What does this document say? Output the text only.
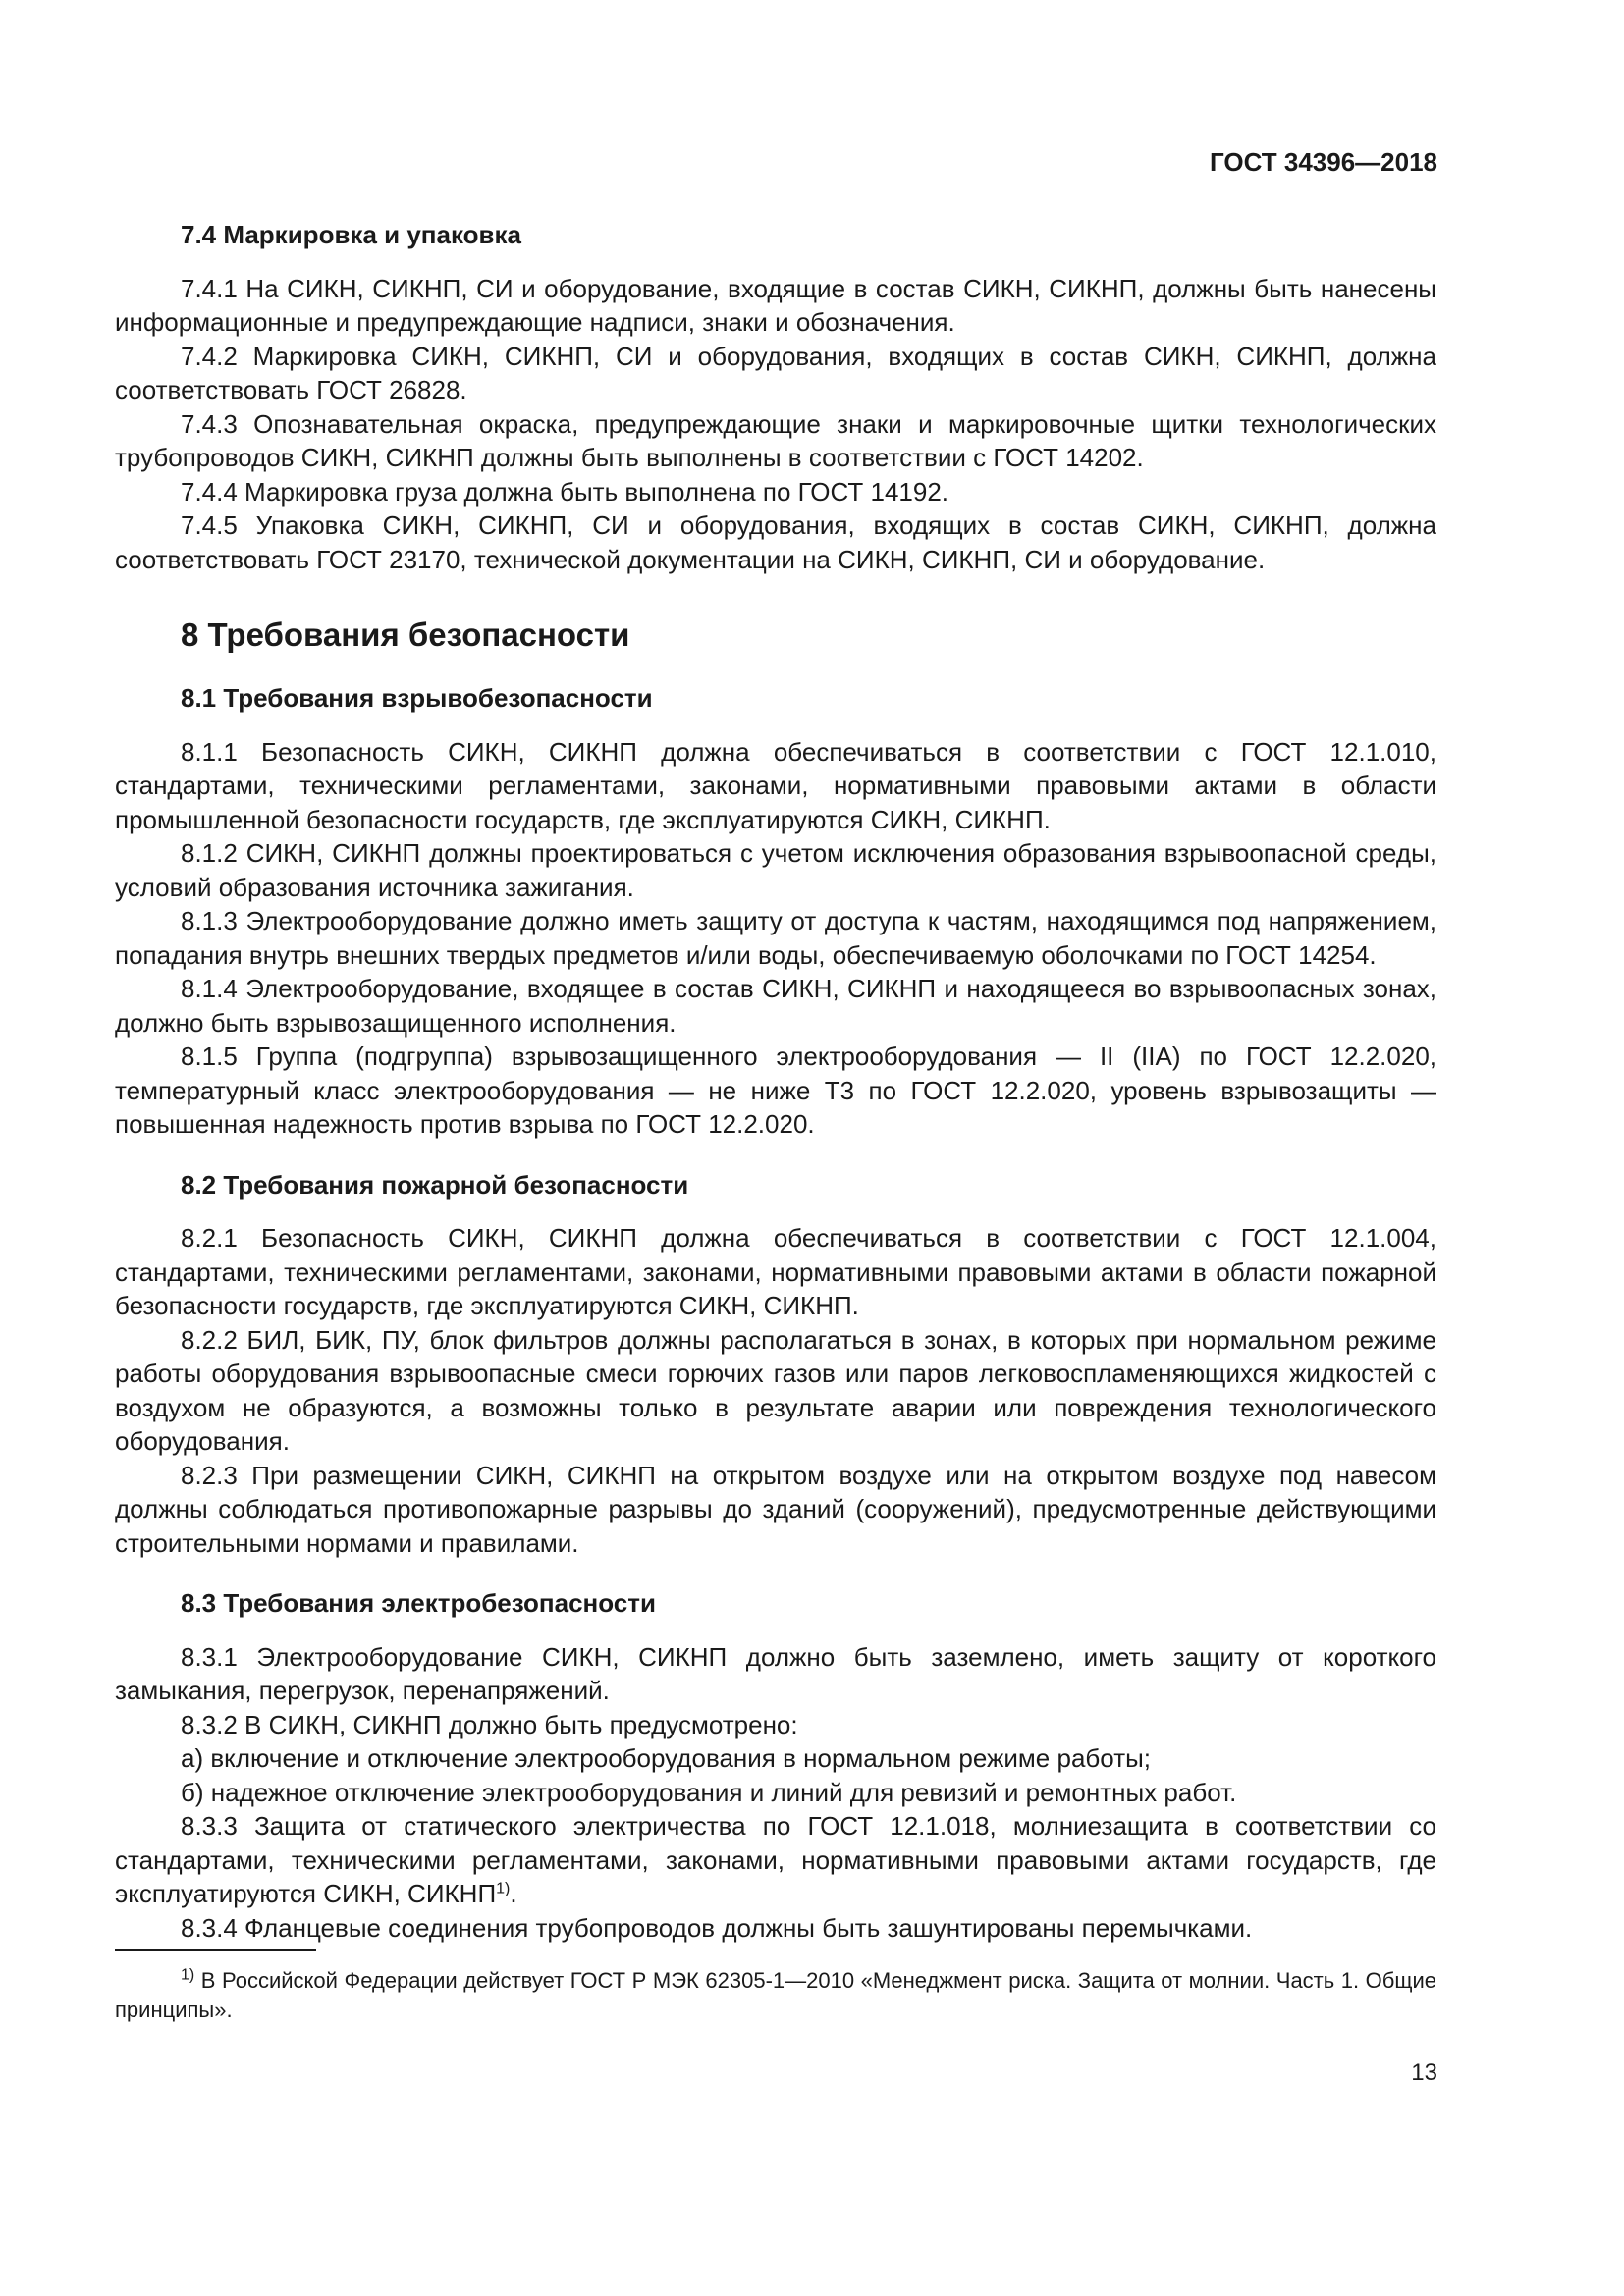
ГОСТ 34396—2018
7.4 Маркировка и упаковка

7.4.1 На СИКН, СИКНП, СИ и оборудование, входящие в состав СИКН, СИКНП, должны быть нанесены информационные и предупреждающие надписи, знаки и обозначения.

7.4.2 Маркировка СИКН, СИКНП, СИ и оборудования, входящих в состав СИКН, СИКНП, должна соответствовать ГОСТ 26828.

7.4.3 Опознавательная окраска, предупреждающие знаки и маркировочные щитки технологических трубопроводов СИКН, СИКНП должны быть выполнены в соответствии с ГОСТ 14202.

7.4.4 Маркировка груза должна быть выполнена по ГОСТ 14192.

7.4.5 Упаковка СИКН, СИКНП, СИ и оборудования, входящих в состав СИКН, СИКНП, должна соответствовать ГОСТ 23170, технической документации на СИКН, СИКНП, СИ и оборудование.

8 Требования безопасности
8.1 Требования взрывобезопасности

8.1.1 Безопасность СИКН, СИКНП должна обеспечиваться в соответствии с ГОСТ 12.1.010, стандартами, техническими регламентами, законами, нормативными правовыми актами в области промышленной безопасности государств, где эксплуатируются СИКН, СИКНП.

8.1.2 СИКН, СИКНП должны проектироваться с учетом исключения образования взрывоопасной среды, условий образования источника зажигания.

8.1.3 Электрооборудование должно иметь защиту от доступа к частям, находящимся под напряжением, попадания внутрь внешних твердых предметов и/или воды, обеспечиваемую оболочками по ГОСТ 14254.

8.1.4 Электрооборудование, входящее в состав СИКН, СИКНП и находящееся во взрывоопасных зонах, должно быть взрывозащищенного исполнения.

8.1.5 Группа (подгруппа) взрывозащищенного электрооборудования — II (IIA) по ГОСТ 12.2.020, температурный класс электрооборудования — не ниже Т3 по ГОСТ 12.2.020, уровень взрывозащиты — повышенная надежность против взрыва по ГОСТ 12.2.020.

8.2 Требования пожарной безопасности

8.2.1 Безопасность СИКН, СИКНП должна обеспечиваться в соответствии с ГОСТ 12.1.004, стандартами, техническими регламентами, законами, нормативными правовыми актами в области пожарной безопасности государств, где эксплуатируются СИКН, СИКНП.

8.2.2 БИЛ, БИК, ПУ, блок фильтров должны располагаться в зонах, в которых при нормальном режиме работы оборудования взрывоопасные смеси горючих газов или паров легковоспламеняющихся жидкостей с воздухом не образуются, а возможны только в результате аварии или повреждения технологического оборудования.

8.2.3 При размещении СИКН, СИКНП на открытом воздухе или на открытом воздухе под навесом должны соблюдаться противопожарные разрывы до зданий (сооружений), предусмотренные действующими строительными нормами и правилами.

8.3 Требования электробезопасности

8.3.1 Электрооборудование СИКН, СИКНП должно быть заземлено, иметь защиту от короткого замыкания, перегрузок, перенапряжений.

8.3.2 В СИКН, СИКНП должно быть предусмотрено:

а) включение и отключение электрооборудования в нормальном режиме работы;

б) надежное отключение электрооборудования и линий для ревизий и ремонтных работ.

8.3.3 Защита от статического электричества по ГОСТ 12.1.018, молниезащита в соответствии со стандартами, техническими регламентами, законами, нормативными правовыми актами государств, где эксплуатируются СИКН, СИКНП$^{1)}$.

8.3.4 Фланцевые соединения трубопроводов должны быть зашунтированы перемычками.

$^{1)}$ В Российской Федерации действует ГОСТ Р МЭК 62305-1—2010 «Менеджмент риска. Защита от молнии. Часть 1. Общие принципы».

13
